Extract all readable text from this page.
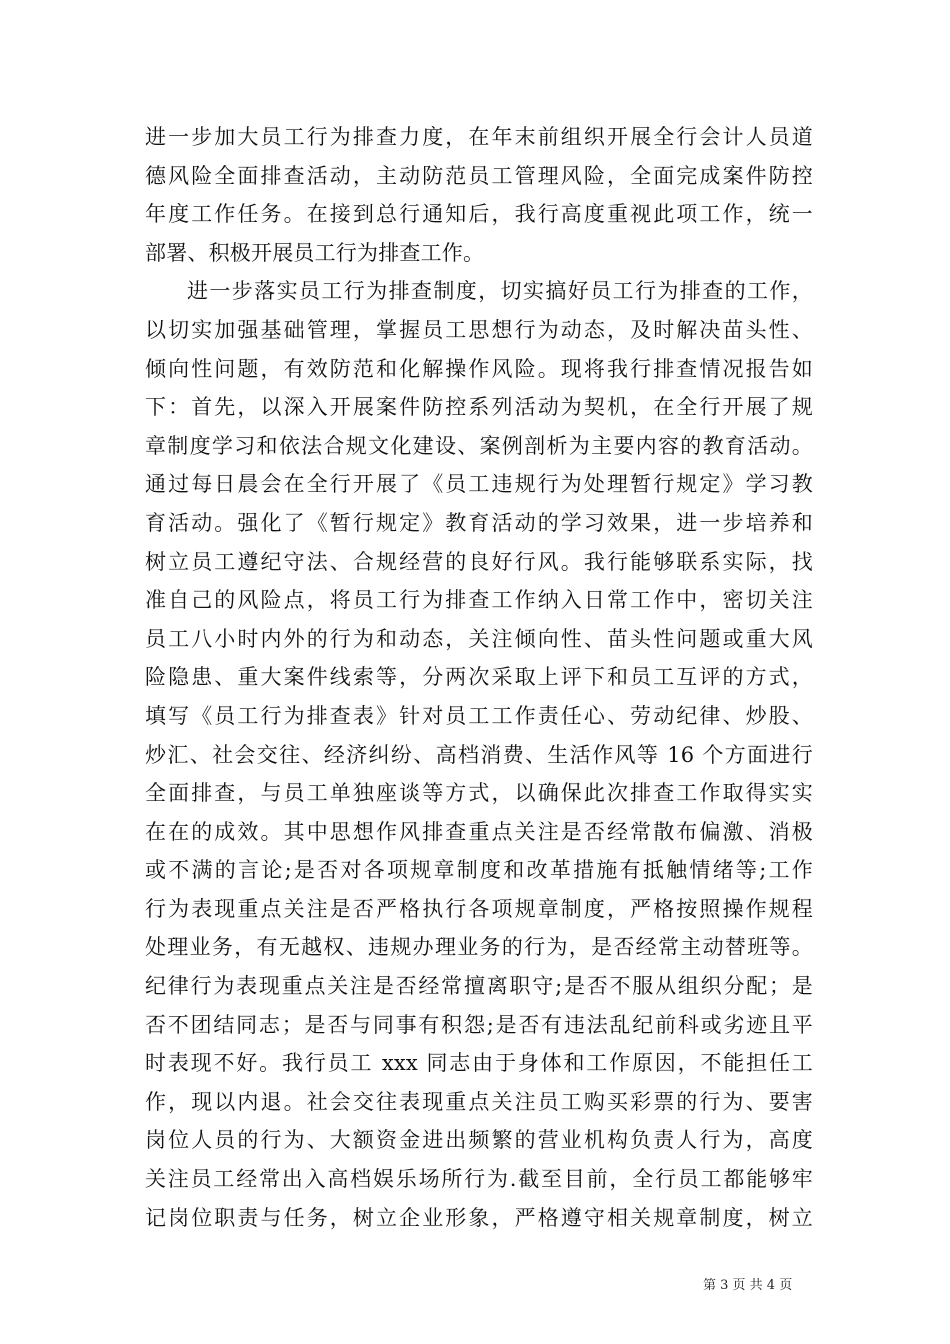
进一步加大员工行为排查力度，在年末前组织开展全行会计人员道
德风险全面排查活动，主动防范员工管理风险，全面完成案件防控
年度工作任务。在接到总行通知后，我行高度重视此项工作，统一
部署、积极开展员工行为排查工作。
进一步落实员工行为排查制度，切实搞好员工行为排查的工作，
以切实加强基础管理，掌握员工思想行为动态，及时解决苗头性、
倾向性问题，有效防范和化解操作风险。现将我行排查情况报告如
下：首先，以深入开展案件防控系列活动为契机，在全行开展了规
章制度学习和依法合规文化建设、案例剖析为主要内容的教育活动。
通过每日晨会在全行开展了《员工违规行为处理暂行规定》学习教
育活动。强化了《暂行规定》教育活动的学习效果，进一步培养和
树立员工遵纪守法、合规经营的良好行风。我行能够联系实际，找
准自己的风险点，将员工行为排查工作纳入日常工作中，密切关注
员工八小时内外的行为和动态，关注倾向性、苗头性问题或重大风
险隐患、重大案件线索等，分两次采取上评下和员工互评的方式，
填写《员工行为排查表》针对员工工作责任心、劳动纪律、炒股、
炒汇、社会交往、经济纠纷、高档消费、生活作风等 16 个方面进行
全面排查，与员工单独座谈等方式，以确保此次排查工作取得实实
在在的成效。其中思想作风排查重点关注是否经常散布偏激、消极
或不满的言论;是否对各项规章制度和改革措施有抵触情绪等;工作
行为表现重点关注是否严格执行各项规章制度，严格按照操作规程
处理业务，有无越权、违规办理业务的行为，是否经常主动替班等。
纪律行为表现重点关注是否经常擅离职守;是否不服从组织分配；是
否不团结同志；是否与同事有积怨;是否有违法乱纪前科或劣迹且平
时表现不好。我行员工 xxx 同志由于身体和工作原因，不能担任工
作，现以内退。社会交往表现重点关注员工购买彩票的行为、要害
岗位人员的行为、大额资金进出频繁的营业机构负责人行为，高度
关注员工经常出入高档娱乐场所行为.截至目前，全行员工都能够牢
记岗位职责与任务，树立企业形象，严格遵守相关规章制度，树立
第 3 页 共 4 页
